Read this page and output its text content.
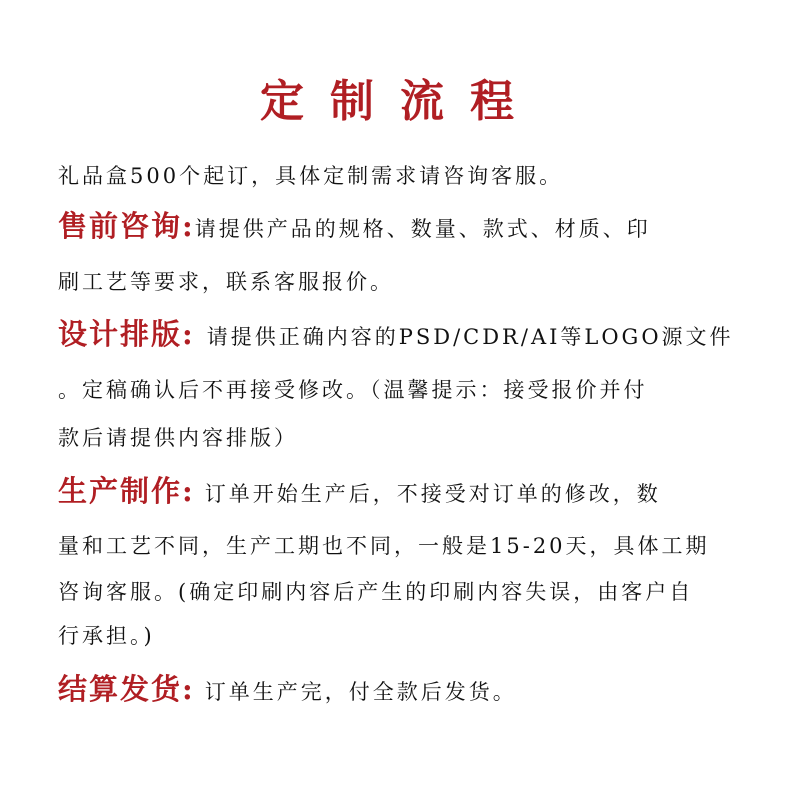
定制流程
礼品盒500个起订，具体定制需求请咨询客服。
售前咨询:请提供产品的规格、数量、款式、材质、印
刷工艺等要求，联系客服报价。
设计排版: 请提供正确内容的PSD/CDR/AI等LOGO源文件
。定稿确认后不再接受修改。（温馨提示：接受报价并付
款后请提供内容排版）
生产制作: 订单开始生产后，不接受对订单的修改，数
量和工艺不同，生产工期也不同，一般是15-20天，具体工期
咨询客服。(确定印刷内容后产生的印刷内容失误，由客户自
行承担。)
结算发货: 订单生产完，付全款后发货。
